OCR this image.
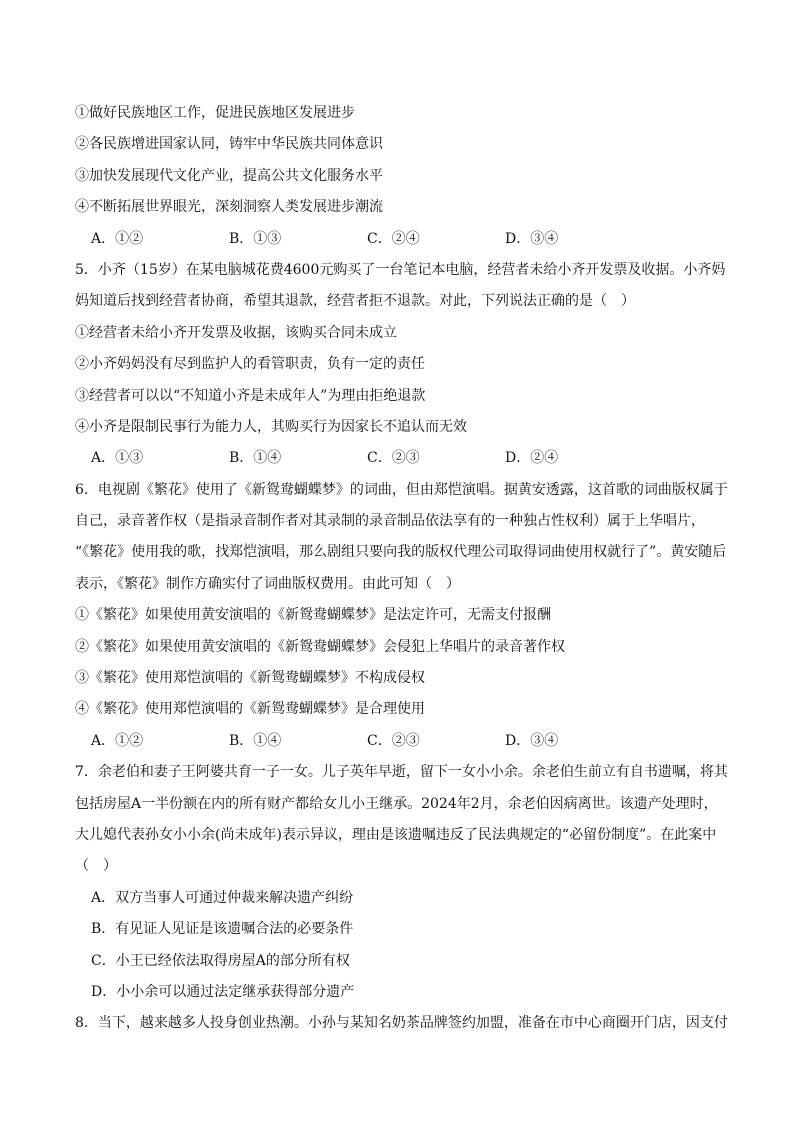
①做好民族地区工作，促进民族地区发展进步
②各民族增进国家认同，铸牢中华民族共同体意识
③加快发展现代文化产业，提高公共文化服务水平
④不断拓展世界眼光，深刻洞察人类发展进步潮流
A．①②	B．①③	C．②④	D．③④
5．小齐（15岁）在某电脑城花费4600元购买了一台笔记本电脑，经营者未给小齐开发票及收据。小齐妈
妈知道后找到经营者协商，希望其退款，经营者拒不退款。对此，下列说法正确的是（　）
①经营者未给小齐开发票及收据，该购买合同未成立
②小齐妈妈没有尽到监护人的看管职责，负有一定的责任
③经营者可以以“不知道小齐是未成年人”为理由拒绝退款
④小齐是限制民事行为能力人，其购买行为因家长不追认而无效
A．①③	B．①④	C．②③	D．②④
6．电视剧《繁花》使用了《新鸳鸯蝴蝶梦》的词曲，但由郑恺演唱。据黄安透露，这首歌的词曲版权属于
自己，录音著作权（是指录音制作者对其录制的录音制品依法享有的一种独占性权利）属于上华唱片，
“《繁花》使用我的歌，找郑恺演唱，那么剧组只要向我的版权代理公司取得词曲使用权就行了”。黄安随后
表示，《繁花》制作方确实付了词曲版权费用。由此可知（　）
①《繁花》如果使用黄安演唱的《新鸳鸯蝴蝶梦》是法定许可，无需支付报酬
②《繁花》如果使用黄安演唱的《新鸳鸯蝴蝶梦》会侵犯上华唱片的录音著作权
③《繁花》使用郑恺演唱的《新鸳鸯蝴蝶梦》不构成侵权
④《繁花》使用郑恺演唱的《新鸳鸯蝴蝶梦》是合理使用
A．①②	B．①④	C．②③	D．③④
7．余老伯和妻子王阿婆共育一子一女。儿子英年早逝，留下一女小小余。余老伯生前立有自书遗嘱，将其
包括房屋A一半份额在内的所有财产都给女儿小王继承。2024年2月，余老伯因病离世。该遗产处理时，
大儿媳代表孙女小小余(尚未成年)表示异议，理由是该遗嘱违反了民法典规定的“必留份制度”。在此案中
（　）
A．双方当事人可通过仲裁来解决遗产纠纷
B．有见证人见证是该遗嘱合法的必要条件
C．小王已经依法取得房屋A的部分所有权
D．小小余可以通过法定继承获得部分遗产
8．当下，越来越多人投身创业热潮。小孙与某知名奶茶品牌签约加盟，准备在市中心商圈开门店，因支付
